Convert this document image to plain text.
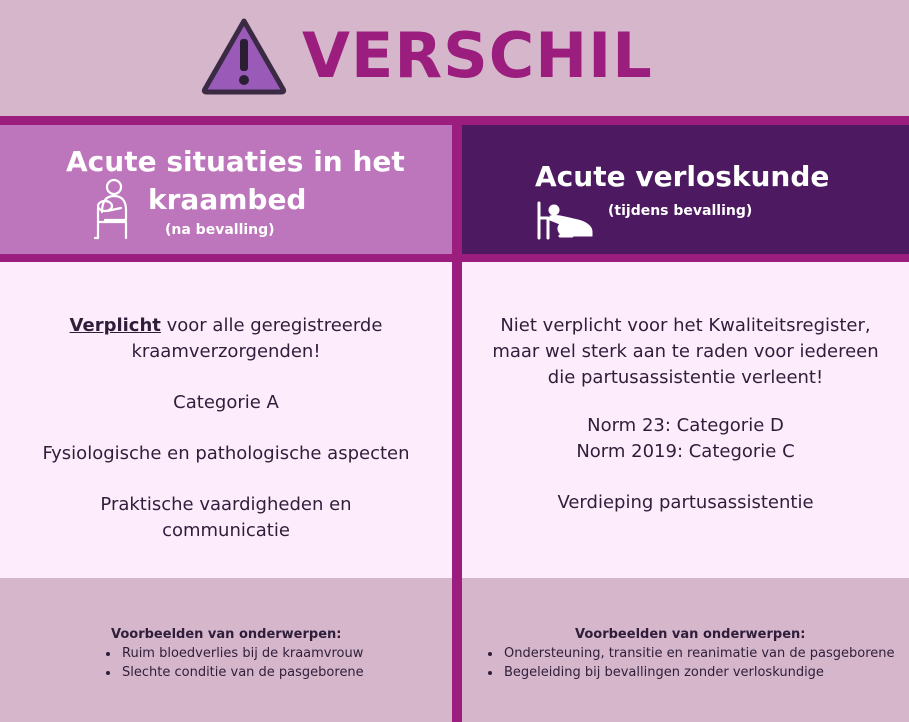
VERSCHIL
Acute situaties in het
kraambed
(na bevalling)
Acute verloskunde
(tijdens bevalling)
Verplicht voor alle geregistreerde
kraamverzorgenden!
Categorie A
Fysiologische en pathologische aspecten
Praktische vaardigheden en
communicatie
Niet verplicht voor het Kwaliteitsregister,
maar wel sterk aan te raden voor iedereen
die partusassistentie verleent!
Norm 23: Categorie D
Norm 2019: Categorie C
Verdieping partusassistentie
Voorbeelden van onderwerpen:
• Ruim bloedverlies bij de kraamvrouw
• Slechte conditie van de pasgeborene
Voorbeelden van onderwerpen:
• Ondersteuning, transitie en reanimatie van de pasgeborene
• Begeleiding bij bevallingen zonder verloskundige
